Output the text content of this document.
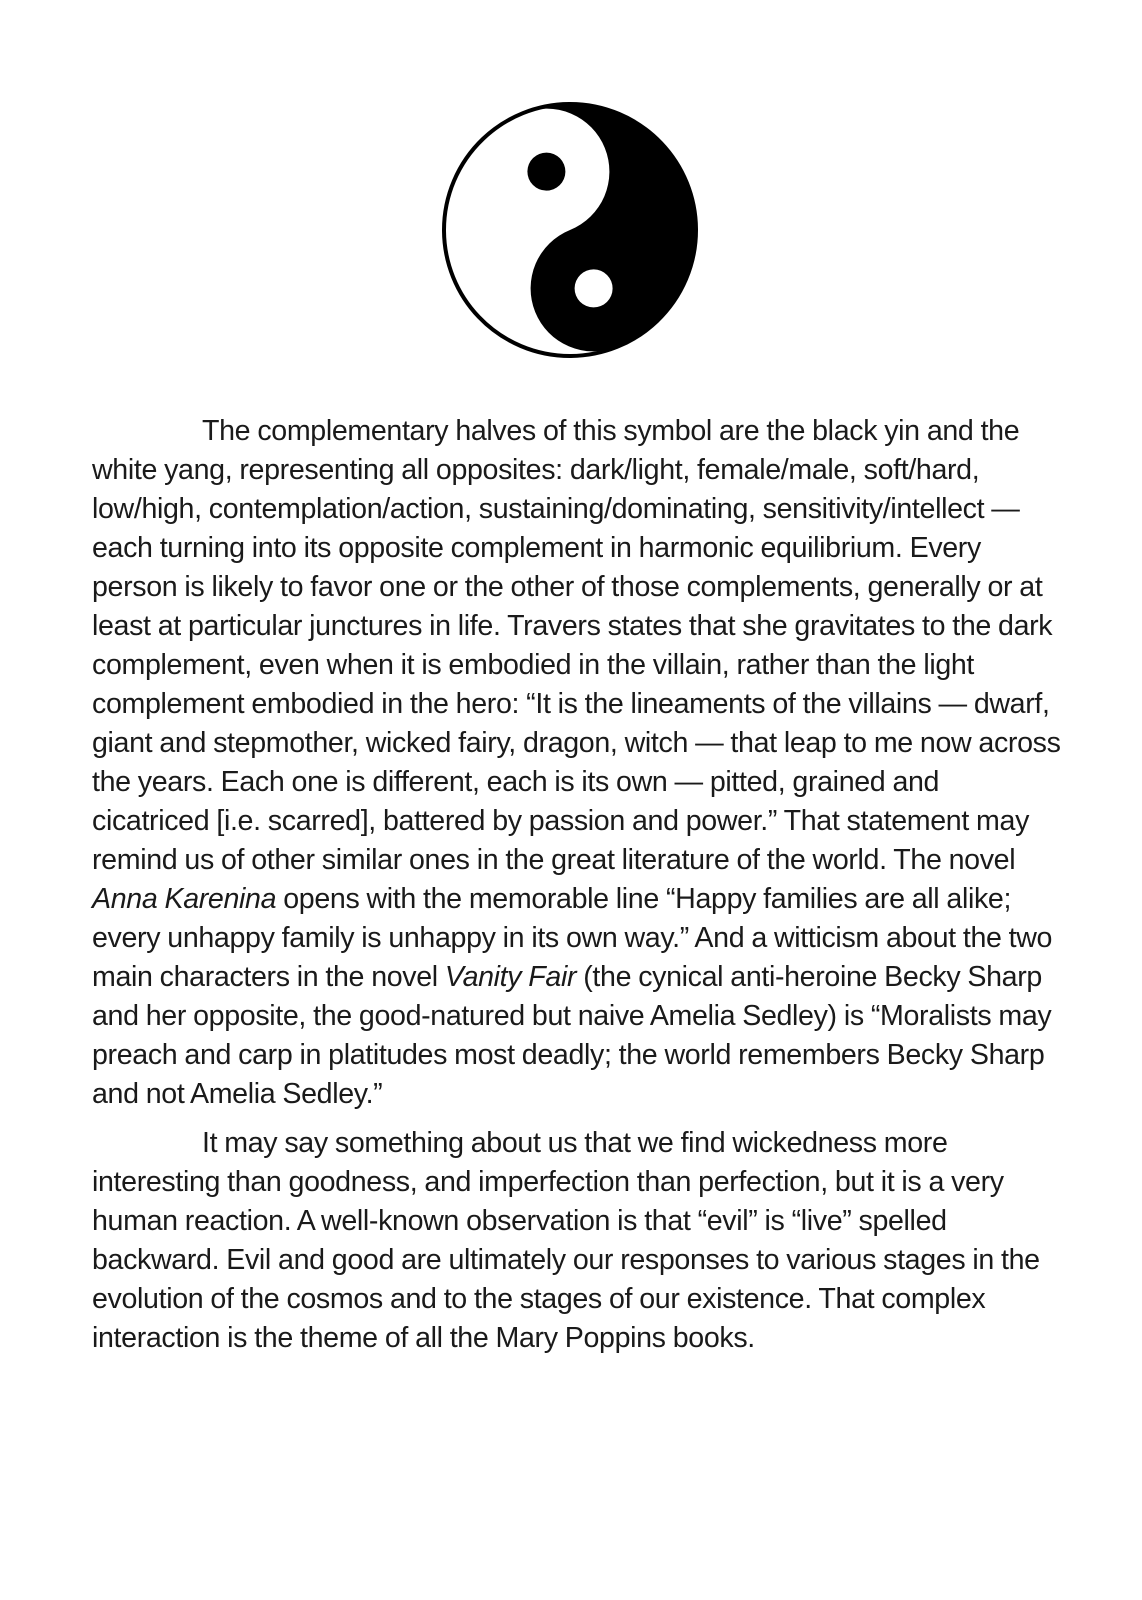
The complementary halves of this symbol are the black yin and the white yang, representing all opposites: dark/light, female/male, soft/hard, low/high, contemplation/action, sustaining/dominating, sensitivity/intellect — each turning into its opposite complement in harmonic equilibrium. Every person is likely to favor one or the other of those complements, generally or at least at particular junctures in life. Travers states that she gravitates to the dark complement, even when it is embodied in the villain, rather than the light complement embodied in the hero: “It is the lineaments of the villains — dwarf, giant and stepmother, wicked fairy, dragon, witch — that leap to me now across the years. Each one is different, each is its own — pitted, grained and cicatriced [i.e. scarred], battered by passion and power.” That statement may remind us of other similar ones in the great literature of the world. The novel Anna Karenina opens with the memorable line “Happy families are all alike; every unhappy family is unhappy in its own way.” And a witticism about the two main characters in the novel Vanity Fair (the cynical anti-heroine Becky Sharp and her opposite, the good-natured but naive Amelia Sedley) is “Moralists may preach and carp in platitudes most deadly; the world remembers Becky Sharp and not Amelia Sedley.”

It may say something about us that we find wickedness more interesting than goodness, and imperfection than perfection, but it is a very human reaction. A well-known observation is that “evil” is “live” spelled backward. Evil and good are ultimately our responses to various stages in the evolution of the cosmos and to the stages of our existence. That complex interaction is the theme of all the Mary Poppins books.
